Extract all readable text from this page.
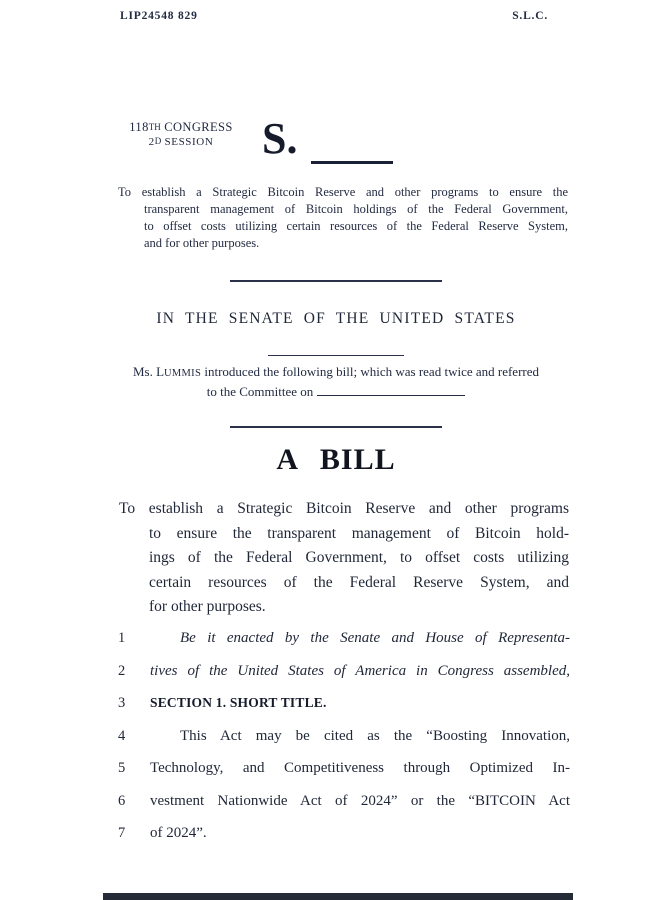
LIP24548 829	S.L.C.
118TH CONGRESS
2D SESSION	S.
To establish a Strategic Bitcoin Reserve and other programs to ensure the
transparent management of Bitcoin holdings of the Federal Government,
to offset costs utilizing certain resources of the Federal Reserve System,
and for other purposes.
IN THE SENATE OF THE UNITED STATES
Ms. LUMMIS introduced the following bill; which was read twice and referred
to the Committee on
A BILL
To establish a Strategic Bitcoin Reserve and other programs
to ensure the transparent management of Bitcoin hold-
ings of the Federal Government, to offset costs utilizing
certain resources of the Federal Reserve System, and
for other purposes.
1	Be it enacted by the Senate and House of Representa-
2	tives of the United States of America in Congress assembled,
3	SECTION 1. SHORT TITLE.
4	This Act may be cited as the “Boosting Innovation,
5	Technology, and Competitiveness through Optimized In-
6	vestment Nationwide Act of 2024” or the “BITCOIN Act
7	of 2024”.
